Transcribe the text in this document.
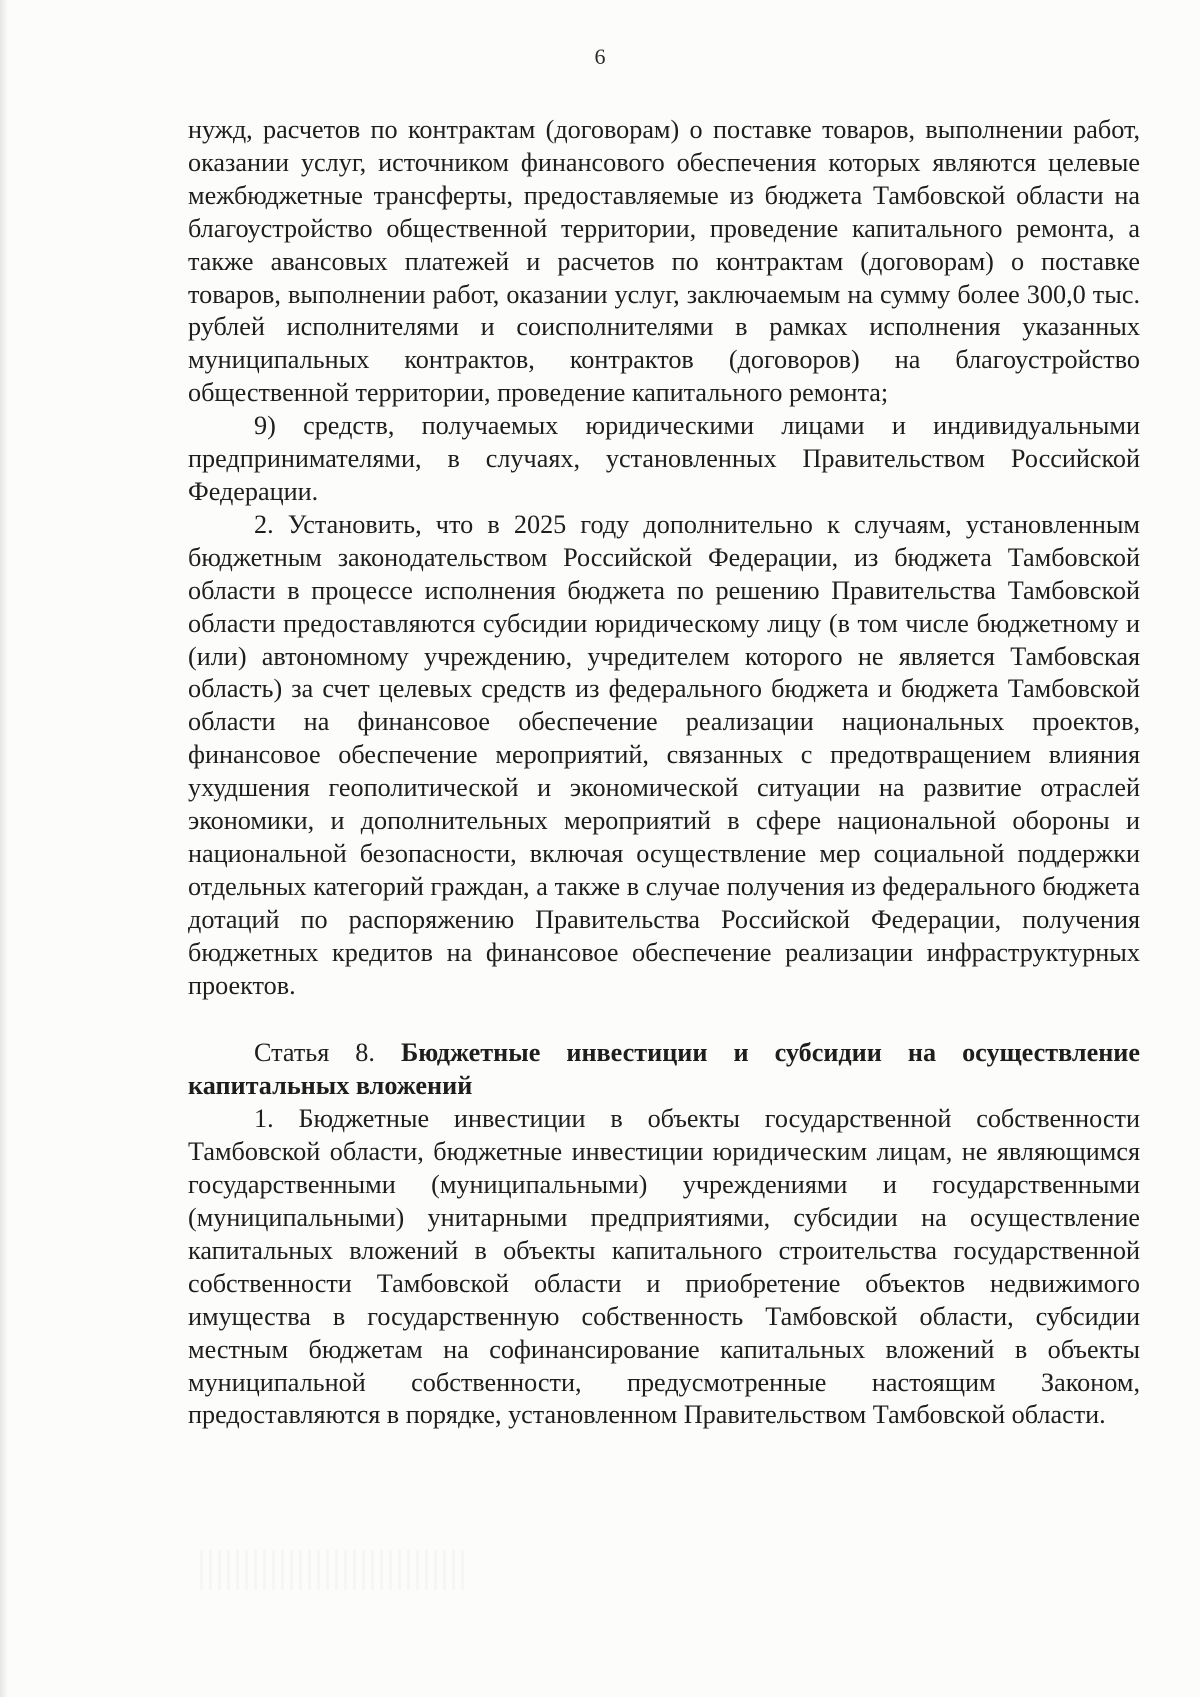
6

нужд, расчетов по контрактам (договорам) о поставке товаров, выполнении работ, оказании услуг, источником финансового обеспечения которых являются целевые межбюджетные трансферты, предоставляемые из бюджета Тамбовской области на благоустройство общественной территории, проведение капитального ремонта, а также авансовых платежей и расчетов по контрактам (договорам) о поставке товаров, выполнении работ, оказании услуг, заключаемым на сумму более 300,0 тыс. рублей исполнителями и соисполнителями в рамках исполнения указанных муниципальных контрактов, контрактов (договоров) на благоустройство общественной территории, проведение капитального ремонта;

9) средств, получаемых юридическими лицами и индивидуальными предпринимателями, в случаях, установленных Правительством Российской Федерации.

2. Установить, что в 2025 году дополнительно к случаям, установленным бюджетным законодательством Российской Федерации, из бюджета Тамбовской области в процессе исполнения бюджета по решению Правительства Тамбовской области предоставляются субсидии юридическому лицу (в том числе бюджетному и (или) автономному учреждению, учредителем которого не является Тамбовская область) за счет целевых средств из федерального бюджета и бюджета Тамбовской области на финансовое обеспечение реализации национальных проектов, финансовое обеспечение мероприятий, связанных с предотвращением влияния ухудшения геополитической и экономической ситуации на развитие отраслей экономики, и дополнительных мероприятий в сфере национальной обороны и национальной безопасности, включая осуществление мер социальной поддержки отдельных категорий граждан, а также в случае получения из федерального бюджета дотаций по распоряжению Правительства Российской Федерации, получения бюджетных кредитов на финансовое обеспечение реализации инфраструктурных проектов.

Статья 8. Бюджетные инвестиции и субсидии на осуществление капитальных вложений

1. Бюджетные инвестиции в объекты государственной собственности Тамбовской области, бюджетные инвестиции юридическим лицам, не являющимся государственными (муниципальными) учреждениями и государственными (муниципальными) унитарными предприятиями, субсидии на осуществление капитальных вложений в объекты капитального строительства государственной собственности Тамбовской области и приобретение объектов недвижимого имущества в государственную собственность Тамбовской области, субсидии местным бюджетам на софинансирование капитальных вложений в объекты муниципальной собственности, предусмотренные настоящим Законом, предоставляются в порядке, установленном Правительством Тамбовской области.
